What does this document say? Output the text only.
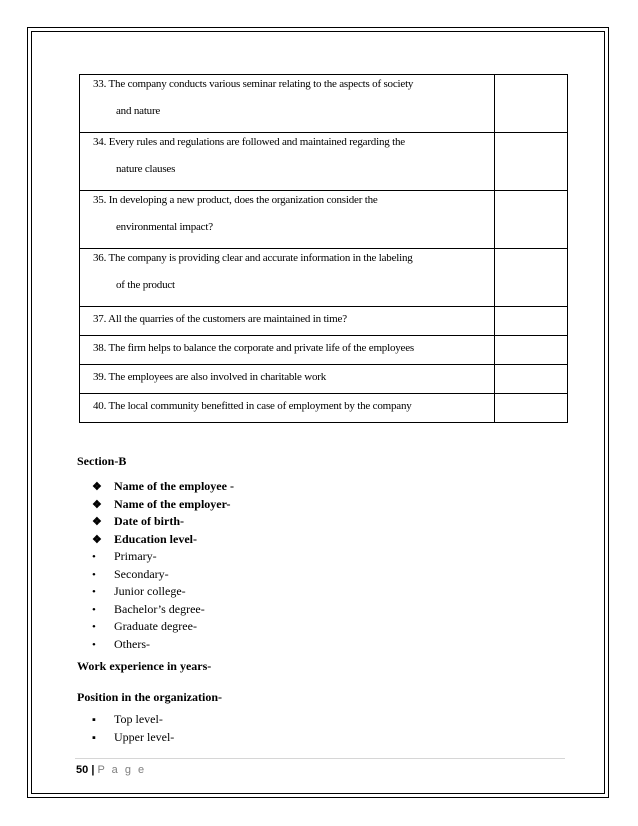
33. The company conducts various seminar relating to the aspects of society
and nature	

34. Every rules and regulations are followed and maintained regarding the
nature clauses	

35. In developing a new product, does the organization consider the
environmental impact?	

36. The company is providing clear and accurate information in the labeling
of the product	

37. All the quarries of the customers are maintained in time?	

38. The firm helps to balance the corporate and private life of the employees	

39. The employees are also involved in charitable work	

40. The local community benefitted in case of employment by the company	

Section-B
❖ Name of the employee -
❖ Name of the employer-
❖ Date of birth-
❖ Education level-
• Primary-
• Secondary-
• Junior college-
• Bachelor’s degree-
• Graduate degree-
• Others-
Work experience in years-
Position in the organization-
▪ Top level-
▪ Upper level-
50 | P a g e
